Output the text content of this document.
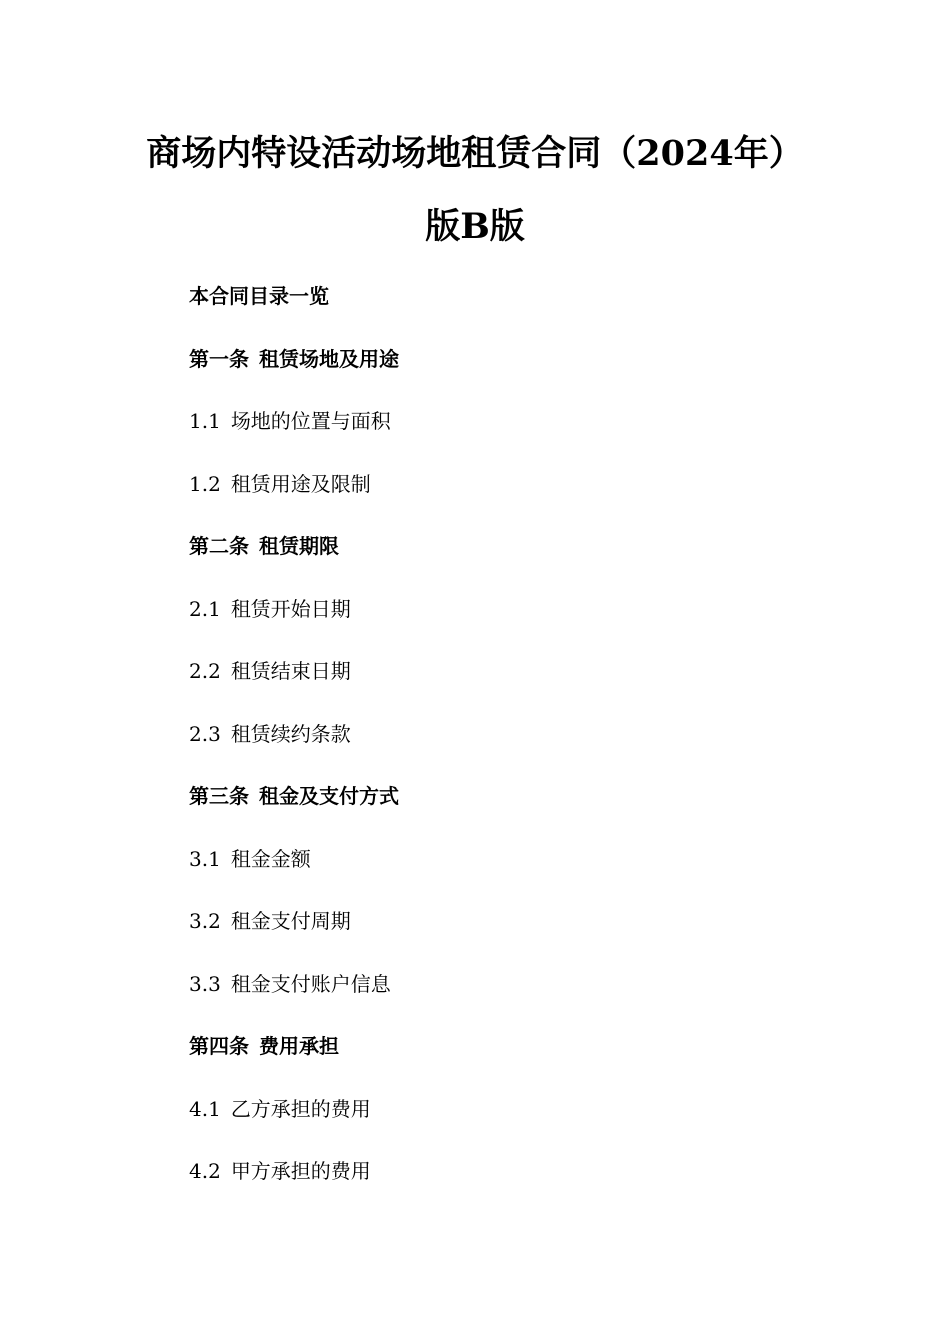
商场内特设活动场地租赁合同（2024年）
版B版
本合同目录一览
第一条 租赁场地及用途
1.1 场地的位置与面积
1.2 租赁用途及限制
第二条 租赁期限
2.1 租赁开始日期
2.2 租赁结束日期
2.3 租赁续约条款
第三条 租金及支付方式
3.1 租金金额
3.2 租金支付周期
3.3 租金支付账户信息
第四条 费用承担
4.1 乙方承担的费用
4.2 甲方承担的费用
